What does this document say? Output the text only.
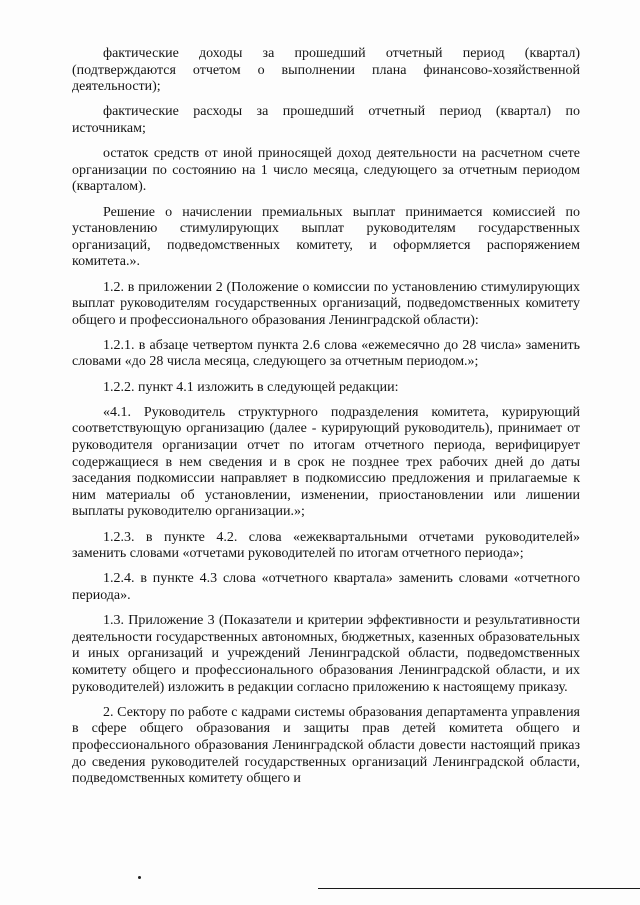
фактические доходы за прошедший отчетный период (квартал) (подтверждаются отчетом о выполнении плана финансово-хозяйственной деятельности);

фактические расходы за прошедший отчетный период (квартал) по источникам;

остаток средств от иной приносящей доход деятельности на расчетном счете организации по состоянию на 1 число месяца, следующего за отчетным периодом (кварталом).

Решение о начислении премиальных выплат принимается комиссией по установлению стимулирующих выплат руководителям государственных организаций, подведомственных комитету, и оформляется распоряжением комитета.».

1.2. в приложении 2 (Положение о комиссии по установлению стимулирующих выплат руководителям государственных организаций, подведомственных комитету общего и профессионального образования Ленинградской области):

1.2.1. в абзаце четвертом пункта 2.6 слова «ежемесячно до 28 числа» заменить словами «до 28 числа месяца, следующего за отчетным периодом.»;

1.2.2. пункт 4.1 изложить в следующей редакции:

«4.1. Руководитель структурного подразделения комитета, курирующий соответствующую организацию (далее - курирующий руководитель), принимает от руководителя организации отчет по итогам отчетного периода, верифицирует содержащиеся в нем сведения и в срок не позднее трех рабочих дней до даты заседания подкомиссии направляет в подкомиссию предложения и прилагаемые к ним материалы об установлении, изменении, приостановлении или лишении выплаты руководителю организации.»;

1.2.3. в пункте 4.2. слова «ежеквартальными отчетами руководителей» заменить словами «отчетами руководителей по итогам отчетного периода»;

1.2.4. в пункте 4.3 слова «отчетного квартала» заменить словами «отчетного периода».

1.3. Приложение 3 (Показатели и критерии эффективности и результативности деятельности государственных автономных, бюджетных, казенных образовательных и иных организаций и учреждений Ленинградской области, подведомственных комитету общего и профессионального образования Ленинградской области, и их руководителей) изложить в редакции согласно приложению к настоящему приказу.

2. Сектору по работе с кадрами системы образования департамента управления в сфере общего образования и защиты прав детей комитета общего и профессионального образования Ленинградской области довести настоящий приказ до сведения руководителей государственных организаций Ленинградской области, подведомственных комитету общего и
